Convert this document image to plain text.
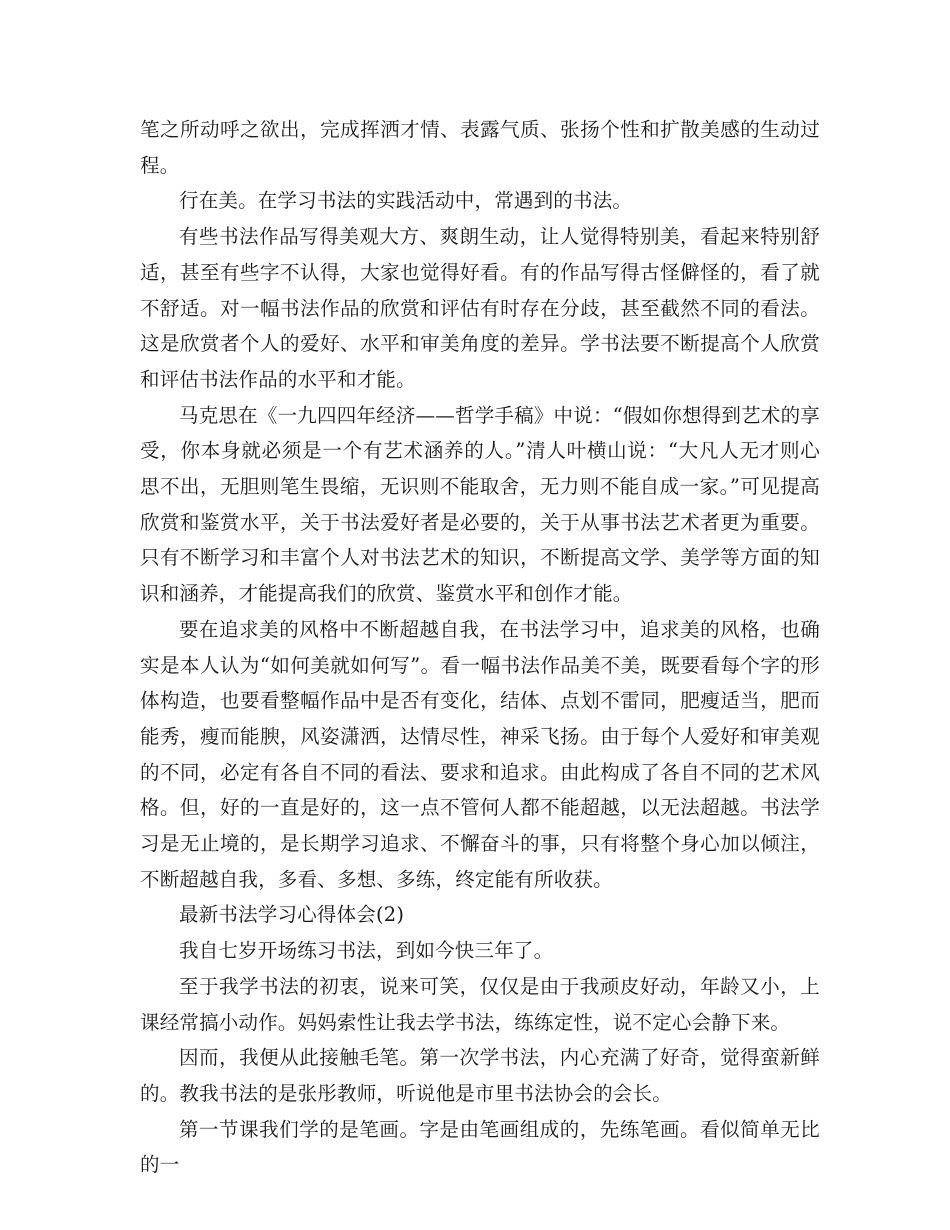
笔之所动呼之欲出，完成挥洒才情、表露气质、张扬个性和扩散美感的生动过程。

行在美。在学习书法的实践活动中，常遇到的书法。

有些书法作品写得美观大方、爽朗生动，让人觉得特别美，看起来特别舒适，甚至有些字不认得，大家也觉得好看。有的作品写得古怪僻怪的，看了就不舒适。对一幅书法作品的欣赏和评估有时存在分歧，甚至截然不同的看法。这是欣赏者个人的爱好、水平和审美角度的差异。学书法要不断提高个人欣赏和评估书法作品的水平和才能。

马克思在《一九四四年经济——哲学手稿》中说：“假如你想得到艺术的享受，你本身就必须是一个有艺术涵养的人。”清人叶横山说：“大凡人无才则心思不出，无胆则笔生畏缩，无识则不能取舍，无力则不能自成一家。”可见提高欣赏和鉴赏水平，关于书法爱好者是必要的，关于从事书法艺术者更为重要。只有不断学习和丰富个人对书法艺术的知识，不断提高文学、美学等方面的知识和涵养，才能提高我们的欣赏、鉴赏水平和创作才能。

要在追求美的风格中不断超越自我，在书法学习中，追求美的风格，也确实是本人认为“如何美就如何写”。看一幅书法作品美不美，既要看每个字的形体构造，也要看整幅作品中是否有变化，结体、点划不雷同，肥瘦适当，肥而能秀，瘦而能腴，风姿潇洒，达情尽性，神采飞扬。由于每个人爱好和审美观的不同，必定有各自不同的看法、要求和追求。由此构成了各自不同的艺术风格。但，好的一直是好的，这一点不管何人都不能超越，以无法超越。书法学习是无止境的，是长期学习追求、不懈奋斗的事，只有将整个身心加以倾注，不断超越自我，多看、多想、多练，终定能有所收获。

最新书法学习心得体会(2)

我自七岁开场练习书法，到如今快三年了。

至于我学书法的初衷，说来可笑，仅仅是由于我顽皮好动，年龄又小，上课经常搞小动作。妈妈索性让我去学书法，练练定性，说不定心会静下来。

因而，我便从此接触毛笔。第一次学书法，内心充满了好奇，觉得蛮新鲜的。教我书法的是张彤教师，听说他是市里书法协会的会长。

第一节课我们学的是笔画。字是由笔画组成的，先练笔画。看似简单无比的一
